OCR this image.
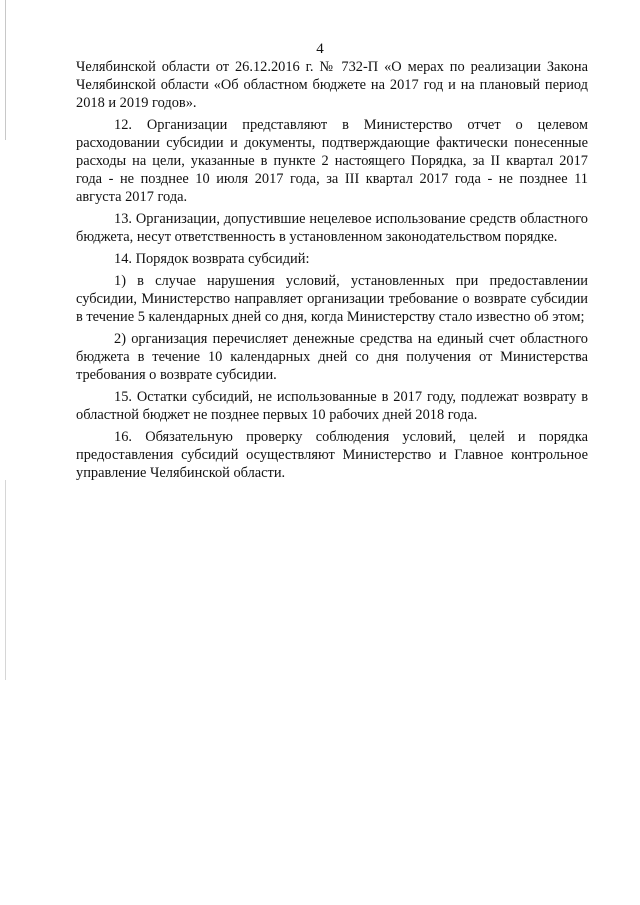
4

Челябинской области от 26.12.2016 г. № 732-П «О мерах по реализации Закона Челябинской области «Об областном бюджете на 2017 год и на плановый период 2018 и 2019 годов».

12. Организации представляют в Министерство отчет о целевом расходовании субсидии и документы, подтверждающие фактически понесенные расходы на цели, указанные в пункте 2 настоящего Порядка, за II квартал 2017 года - не позднее 10 июля 2017 года, за III квартал 2017 года - не позднее 11 августа 2017 года.

13. Организации, допустившие нецелевое использование средств областного бюджета, несут ответственность в установленном законодательством порядке.

14. Порядок возврата субсидий:

1) в случае нарушения условий, установленных при предоставлении субсидии, Министерство направляет организации требование о возврате субсидии в течение 5 календарных дней со дня, когда Министерству стало известно об этом;

2) организация перечисляет денежные средства на единый счет областного бюджета в течение 10 календарных дней со дня получения от Министерства требования о возврате субсидии.

15. Остатки субсидий, не использованные в 2017 году, подлежат возврату в областной бюджет не позднее первых 10 рабочих дней 2018 года.

16. Обязательную проверку соблюдения условий, целей и порядка предоставления субсидий осуществляют Министерство и Главное контрольное управление Челябинской области.
